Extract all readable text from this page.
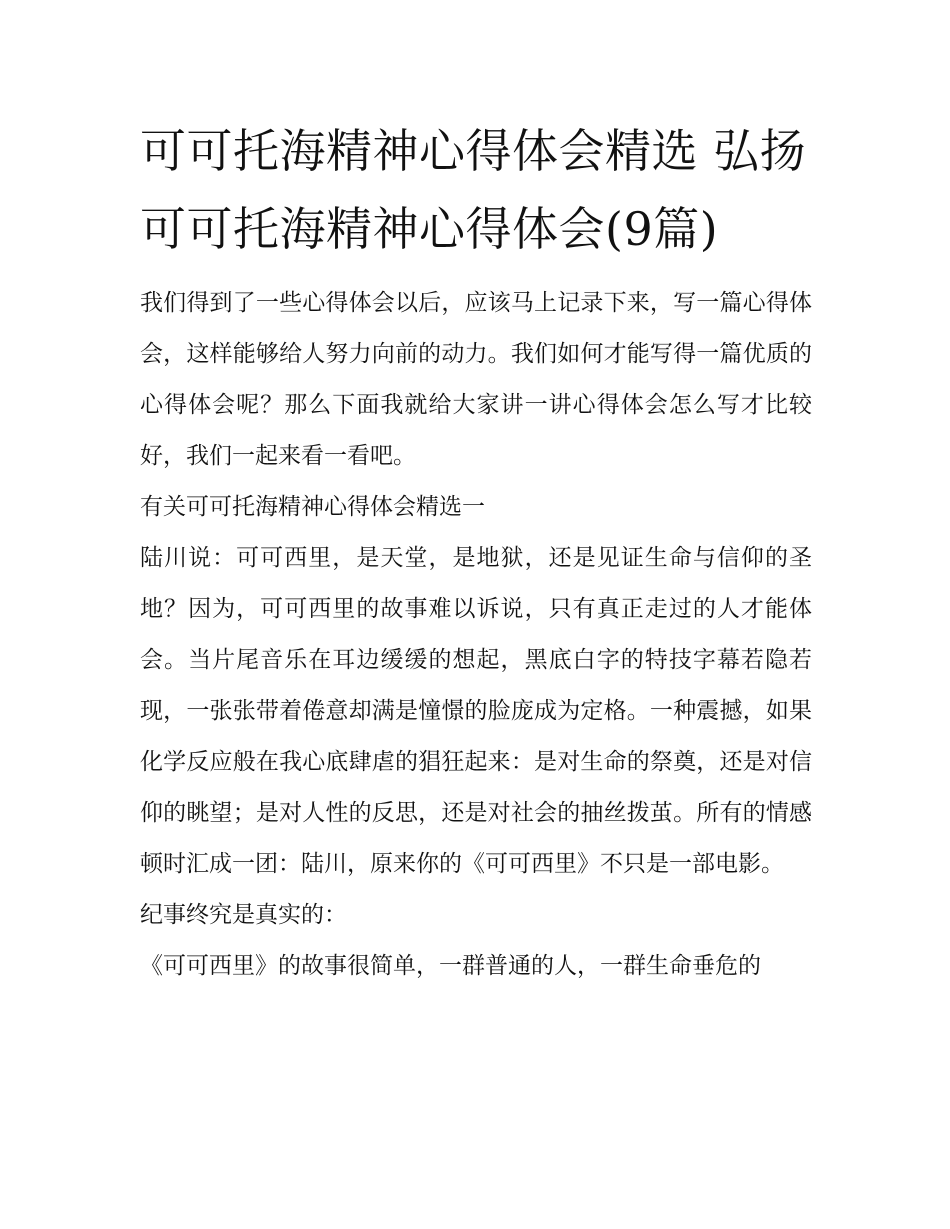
可可托海精神心得体会精选 弘扬可可托海精神心得体会(9篇)

我们得到了一些心得体会以后，应该马上记录下来，写一篇心得体会，这样能够给人努力向前的动力。我们如何才能写得一篇优质的心得体会呢？那么下面我就给大家讲一讲心得体会怎么写才比较好，我们一起来看一看吧。

有关可可托海精神心得体会精选一

陆川说：可可西里，是天堂，是地狱，还是见证生命与信仰的圣地？因为，可可西里的故事难以诉说，只有真正走过的人才能体会。当片尾音乐在耳边缓缓的想起，黑底白字的特技字幕若隐若现，一张张带着倦意却满是憧憬的脸庞成为定格。一种震撼，如果化学反应般在我心底肆虐的猖狂起来：是对生命的祭奠，还是对信仰的眺望；是对人性的反思，还是对社会的抽丝拨茧。所有的情感顿时汇成一团：陆川，原来你的《可可西里》不只是一部电影。

纪事终究是真实的：

《可可西里》的故事很简单，一群普通的人，一群生命垂危的
